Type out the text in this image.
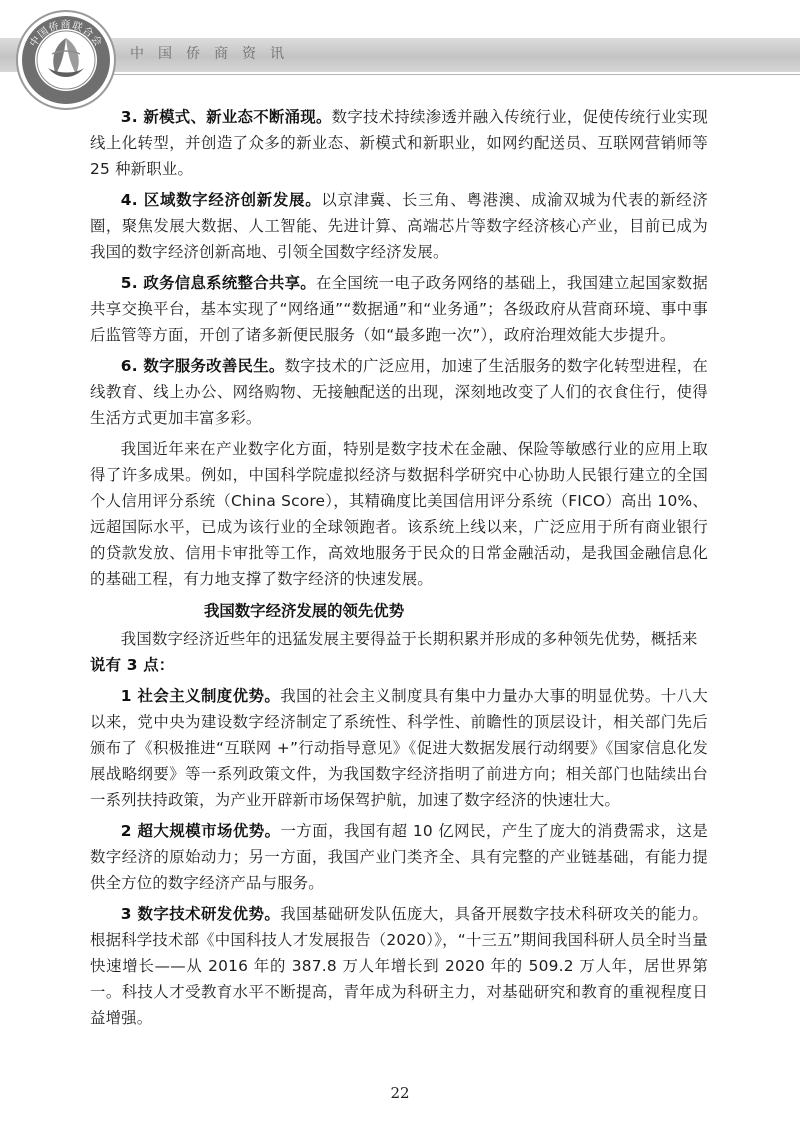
中国侨商资讯
中国侨商联合会

3. 新模式、新业态不断涌现。数字技术持续渗透并融入传统行业，促使传统行业实现线上化转型，并创造了众多的新业态、新模式和新职业，如网约配送员、互联网营销师等25 种新职业。

4. 区域数字经济创新发展。以京津冀、长三角、粤港澳、成渝双城为代表的新经济圈，聚焦发展大数据、人工智能、先进计算、高端芯片等数字经济核心产业，目前已成为我国的数字经济创新高地、引领全国数字经济发展。

5. 政务信息系统整合共享。在全国统一电子政务网络的基础上，我国建立起国家数据共享交换平台，基本实现了“网络通”“数据通”和“业务通”；各级政府从营商环境、事中事后监管等方面，开创了诸多新便民服务（如“最多跑一次”），政府治理效能大步提升。

6. 数字服务改善民生。数字技术的广泛应用，加速了生活服务的数字化转型进程，在线教育、线上办公、网络购物、无接触配送的出现，深刻地改变了人们的衣食住行，使得生活方式更加丰富多彩。

我国近年来在产业数字化方面，特别是数字技术在金融、保险等敏感行业的应用上取得了许多成果。例如，中国科学院虚拟经济与数据科学研究中心协助人民银行建立的全国个人信用评分系统（China Score），其精确度比美国信用评分系统（FICO）高出 10%、远超国际水平，已成为该行业的全球领跑者。该系统上线以来，广泛应用于所有商业银行的贷款发放、信用卡审批等工作，高效地服务于民众的日常金融活动，是我国金融信息化的基础工程，有力地支撑了数字经济的快速发展。

我国数字经济发展的领先优势

我国数字经济近些年的迅猛发展主要得益于长期积累并形成的多种领先优势，概括来

说有 3 点：

1 社会主义制度优势。我国的社会主义制度具有集中力量办大事的明显优势。十八大以来，党中央为建设数字经济制定了系统性、科学性、前瞻性的顶层设计，相关部门先后颁布了《积极推进“互联网 +”行动指导意见》《促进大数据发展行动纲要》《国家信息化发展战略纲要》等一系列政策文件，为我国数字经济指明了前进方向；相关部门也陆续出台一系列扶持政策，为产业开辟新市场保驾护航，加速了数字经济的快速壮大。

2 超大规模市场优势。一方面，我国有超 10 亿网民，产生了庞大的消费需求，这是数字经济的原始动力；另一方面，我国产业门类齐全、具有完整的产业链基础，有能力提供全方位的数字经济产品与服务。

3 数字技术研发优势。我国基础研发队伍庞大，具备开展数字技术科研攻关的能力。根据科学技术部《中国科技人才发展报告（2020）》，“十三五”期间我国科研人员全时当量快速增长——从 2016 年的 387.8 万人年增长到 2020 年的 509.2 万人年，居世界第一。科技人才受教育水平不断提高，青年成为科研主力，对基础研究和教育的重视程度日益增强。

22
